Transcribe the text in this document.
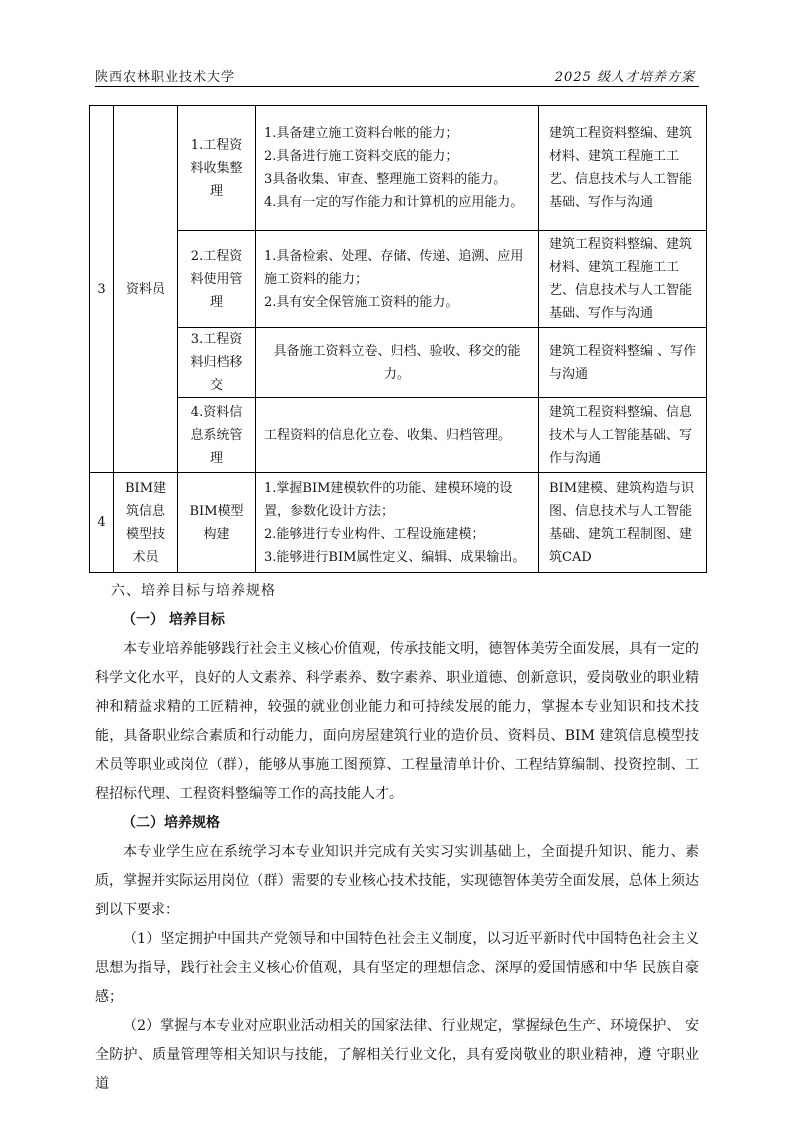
陕西农林职业技术大学	2025 级人才培养方案
3	资料员	1.工程资料收集整理	1.具备建立施工资料台帐的能力；
2.具备进行施工资料交底的能力；
3具备收集、审查、整理施工资料的能力。
4.具有一定的写作能力和计算机的应用能力。	建筑工程资料整编、建筑材料、建筑工程施工工艺、信息技术与人工智能基础、写作与沟通
		2.工程资料使用管理	1.具备检索、处理、存储、传递、追溯、应用施工资料的能力；
2.具有安全保管施工资料的能力。	建筑工程资料整编、建筑材料、建筑工程施工工艺、信息技术与人工智能基础、写作与沟通
		3.工程资料归档移交	具备施工资料立卷、归档、验收、移交的能力。	建筑工程资料整编 、写作与沟通
		4.资料信息系统管理	工程资料的信息化立卷、收集、归档管理。	建筑工程资料整编、信息技术与人工智能基础、写作与沟通
4	BIM建筑信息模型技术员	BIM模型构建	1.掌握BIM建模软件的功能、建模环境的设置，参数化设计方法；
2.能够进行专业构件、工程设施建模；
3.能够进行BIM属性定义、编辑、成果输出。	BIM建模、建筑构造与识图、信息技术与人工智能基础、建筑工程制图、建筑CAD
六、培养目标与培养规格
（一） 培养目标
本专业培养能够践行社会主义核心价值观，传承技能文明，德智体美劳全面发展，具有一定的科学文化水平，良好的人文素养、科学素养、数字素养、职业道德、创新意识，爱岗敬业的职业精神和精益求精的工匠精神，较强的就业创业能力和可持续发展的能力，掌握本专业知识和技术技能，具备职业综合素质和行动能力，面向房屋建筑行业的造价员、资料员、BIM 建筑信息模型技术员等职业或岗位（群），能够从事施工图预算、工程量清单计价、工程结算编制、投资控制、工程招标代理、工程资料整编等工作的高技能人才。
（二）培养规格
本专业学生应在系统学习本专业知识并完成有关实习实训基础上，全面提升知识、能力、素质，掌握并实际运用岗位（群）需要的专业核心技术技能，实现德智体美劳全面发展，总体上须达到以下要求：
（1）坚定拥护中国共产党领导和中国特色社会主义制度，以习近平新时代中国特色社会主义思想为指导，践行社会主义核心价值观，具有坚定的理想信念、深厚的爱国情感和中华 民族自豪感；
（2）掌握与本专业对应职业活动相关的国家法律、行业规定，掌握绿色生产、环境保护、 安全防护、质量管理等相关知识与技能，了解相关行业文化，具有爱岗敬业的职业精神，遵 守职业道
